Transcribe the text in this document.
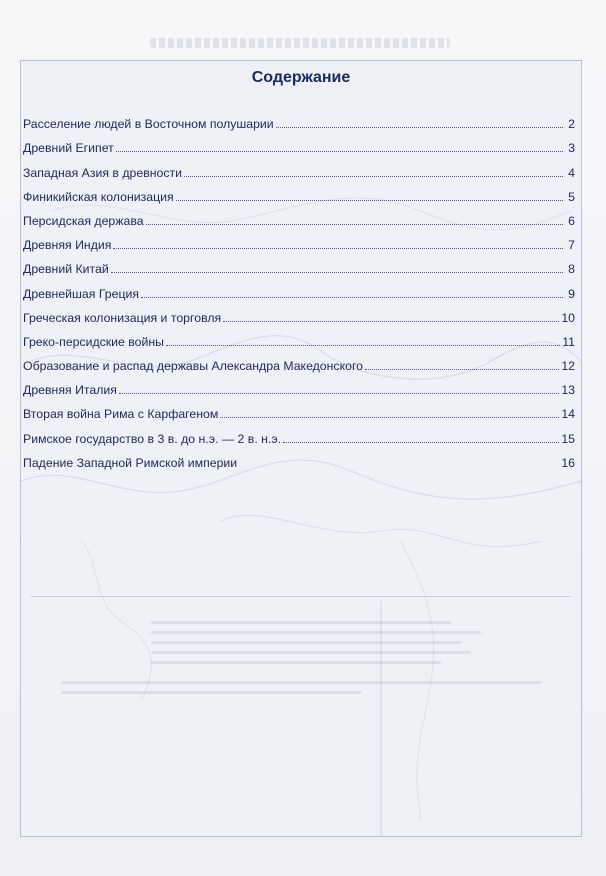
Содержание
Расселение людей в Восточном полушарии	2
Древний Египет	3
Западная Азия в древности	4
Финикийская колонизация	5
Персидская держава	6
Древняя Индия	7
Древний Китай	8
Древнейшая Греция	9
Греческая колонизация и торговля	10
Греко-персидские войны	11
Образование и распад державы Александра Македонского	12
Древняя Италия	13
Вторая война Рима с Карфагеном	14
Римское государство в 3 в. до н.э. — 2 в. н.э.	15
Падение Западной Римской империи	16
